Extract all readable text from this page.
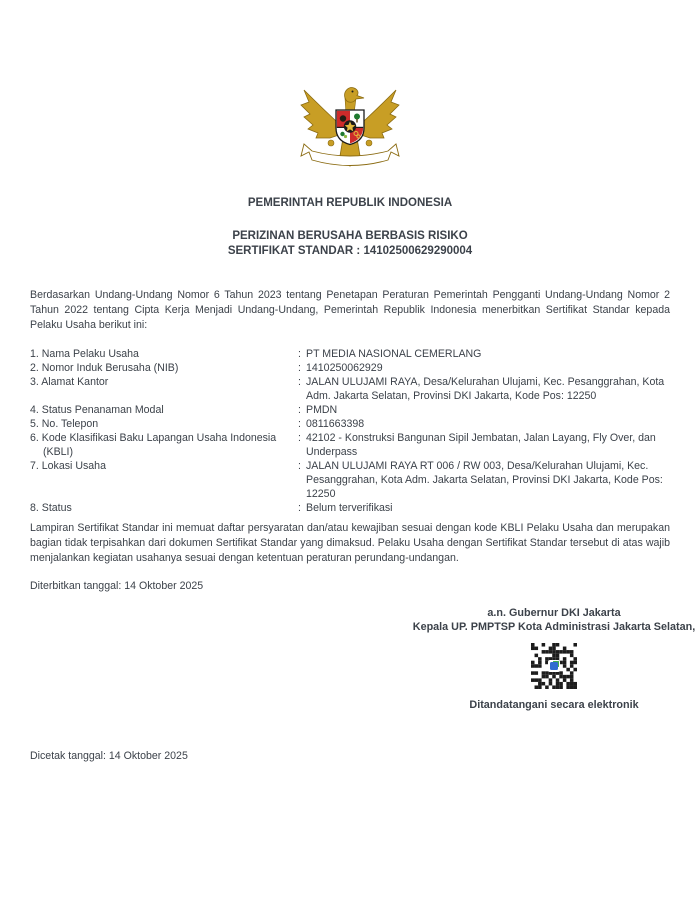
PEMERINTAH REPUBLIK INDONESIA
PERIZINAN BERUSAHA BERBASIS RISIKO
SERTIFIKAT STANDAR : 14102500629290004
Berdasarkan Undang-Undang Nomor 6 Tahun 2023 tentang Penetapan Peraturan Pemerintah Pengganti Undang-Undang Nomor 2 Tahun 2022 tentang Cipta Kerja Menjadi Undang-Undang, Pemerintah Republik Indonesia menerbitkan Sertifikat Standar kepada Pelaku Usaha berikut ini:
1. Nama Pelaku Usaha	: PT MEDIA NASIONAL CEMERLANG
2. Nomor Induk Berusaha (NIB)	: 1410250062929
3. Alamat Kantor	: JALAN ULUJAMI RAYA, Desa/Kelurahan Ulujami, Kec. Pesanggrahan, Kota Adm. Jakarta Selatan, Provinsi DKI Jakarta, Kode Pos: 12250
4. Status Penanaman Modal	: PMDN
5. No. Telepon	: 0811663398
6. Kode Klasifikasi Baku Lapangan Usaha Indonesia (KBLI)
: 42102 - Konstruksi Bangunan Sipil Jembatan, Jalan Layang, Fly Over, dan Underpass
7. Lokasi Usaha	: JALAN ULUJAMI RAYA RT 006 / RW 003, Desa/Kelurahan Ulujami, Kec. Pesanggrahan, Kota Adm. Jakarta Selatan, Provinsi DKI Jakarta, Kode Pos: 12250
8. Status	: Belum terverifikasi
Lampiran Sertifikat Standar ini memuat daftar persyaratan dan/atau kewajiban sesuai dengan kode KBLI Pelaku Usaha dan merupakan bagian tidak terpisahkan dari dokumen Sertifikat Standar yang dimaksud. Pelaku Usaha dengan Sertifikat Standar tersebut di atas wajib menjalankan kegiatan usahanya sesuai dengan ketentuan peraturan perundang-undangan.
Diterbitkan tanggal: 14 Oktober 2025
a.n. Gubernur DKI Jakarta
Kepala UP. PMPTSP Kota Administrasi Jakarta Selatan,
Ditandatangani secara elektronik
Dicetak tanggal: 14 Oktober 2025
